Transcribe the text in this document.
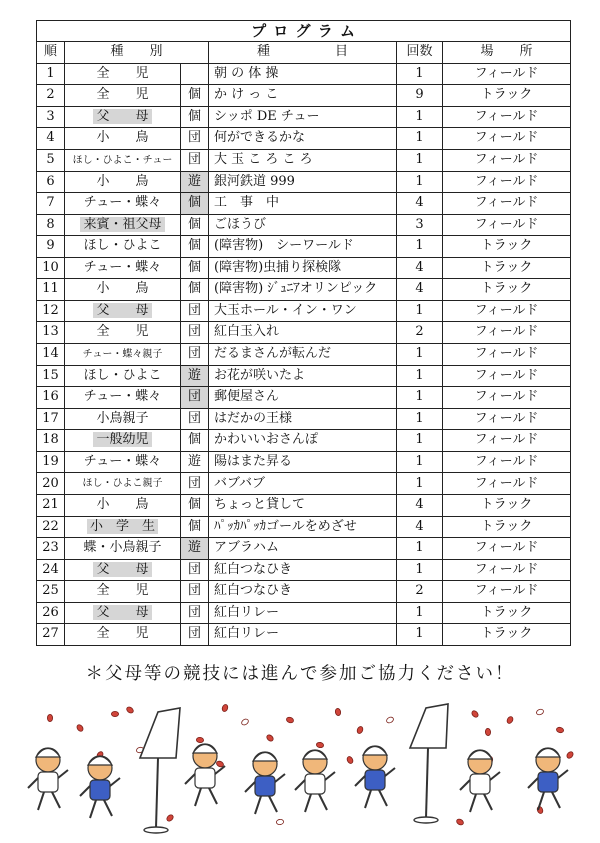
プ ロ グ ラ ム					
順	種　　別		種　　　　　目	回数	場　　所
1	全　　児		朝 の 体 操	1	フィールド
2	全　　児	個	か け っ こ	9	トラック
3	父　　母	個	シッポ DE チュー	1	フィールド
4	小　　鳥	団	何ができるかな	1	フィールド
5	ほし・ひよこ・チュー	団	大 玉 こ ろ こ ろ	1	フィールド
6	小　　鳥	遊	銀河鉄道 999	1	フィールド
7	チュー・蝶々	個	工　事　中	4	フィールド
8	来賓・祖父母	個	ごほうび	3	フィールド
9	ほし・ひよこ	個	(障害物)　シーワールド	1	トラック
10	チュー・蝶々	個	(障害物)虫捕り探検隊	4	トラック
11	小　　鳥	個	(障害物) ｼﾞｭﾆｱオリンピック	4	トラック
12	父　　母	団	大玉ホール・イン・ワン	1	フィールド
13	全　　児	団	紅白玉入れ	2	フィールド
14	チュー・蝶々親子	団	だるまさんが転んだ	1	フィールド
15	ほし・ひよこ	遊	お花が咲いたよ	1	フィールド
16	チュー・蝶々	団	郵便屋さん	1	フィールド
17	小鳥親子	団	はだかの王様	1	フィールド
18	一般幼児	個	かわいいおさんぽ	1	フィールド
19	チュー・蝶々	遊	陽はまた昇る	1	フィールド
20	ほし・ひよこ親子	団	バブバブ	1	フィールド
21	小　　鳥	個	ちょっと貸して	4	トラック
22	小　学　生	個	ﾊﾟｯｶﾊﾟｯｶゴールをめざせ	4	トラック
23	蝶・小鳥親子	遊	アブラハム	1	フィールド
24	父　　母	団	紅白つなひき	1	フィールド
25	全　　児	団	紅白つなひき	2	フィールド
26	父　　母	団	紅白リレー	1	トラック
27	全　　児	団	紅白リレー	1	トラック
＊父母等の競技には進んで参加ご協力ください！
